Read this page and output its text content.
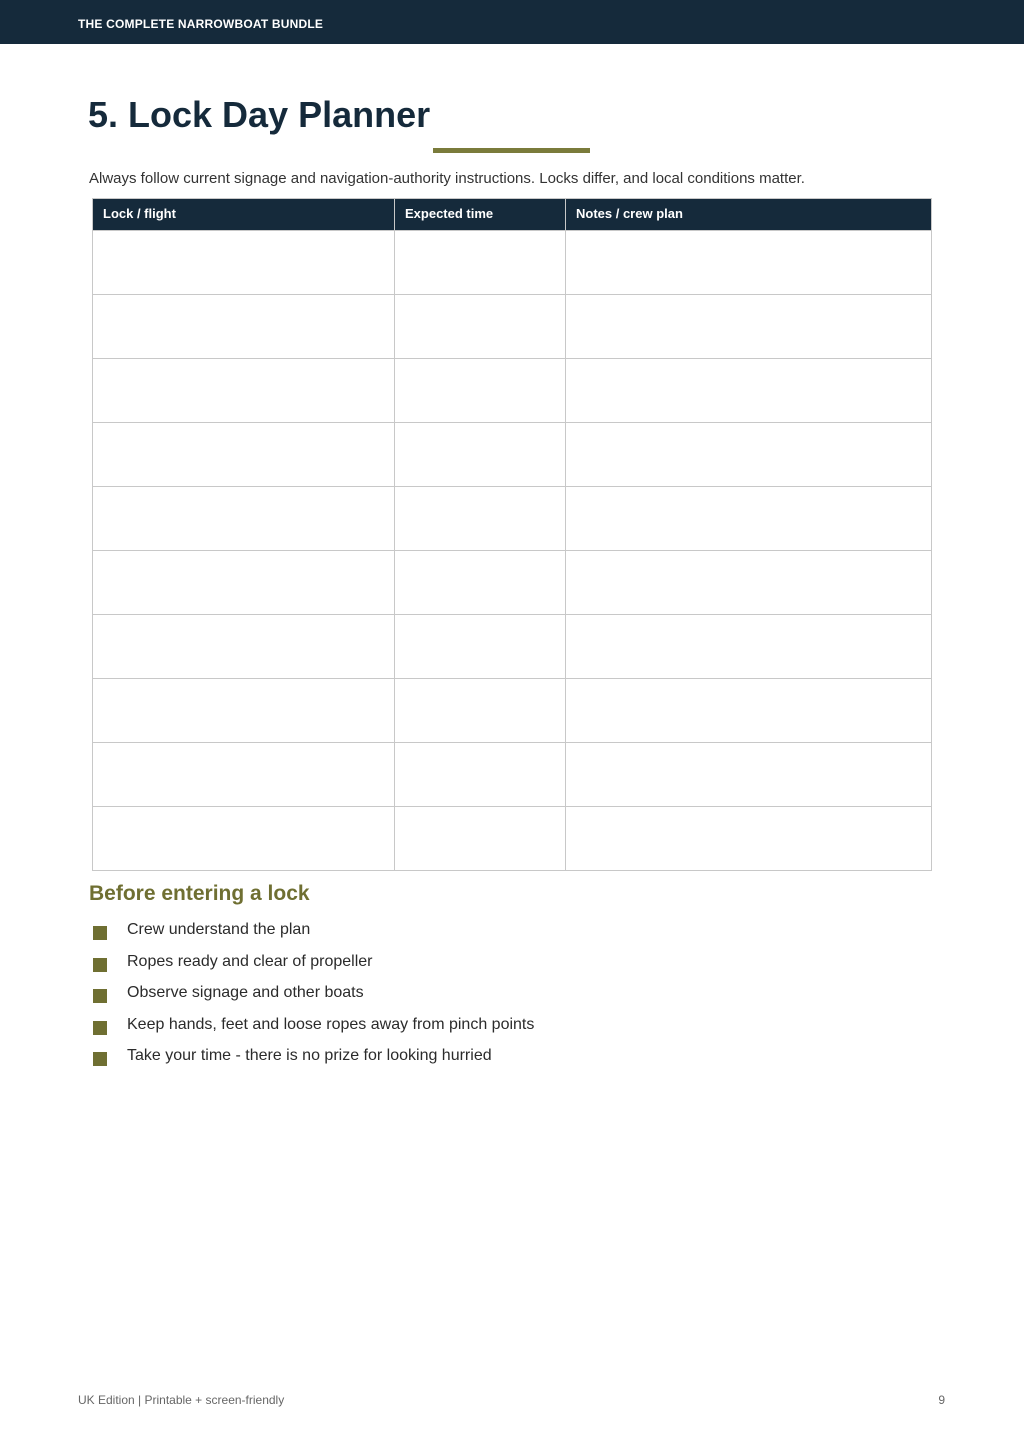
THE COMPLETE NARROWBOAT BUNDLE
5. Lock Day Planner

Always follow current signage and navigation-authority instructions. Locks differ, and local conditions matter.

Lock / flight	Expected time	Notes / crew plan

Before entering a lock
Crew understand the plan
Ropes ready and clear of propeller
Observe signage and other boats
Keep hands, feet and loose ropes away from pinch points
Take your time - there is no prize for looking hurried
UK Edition | Printable + screen-friendly	9
